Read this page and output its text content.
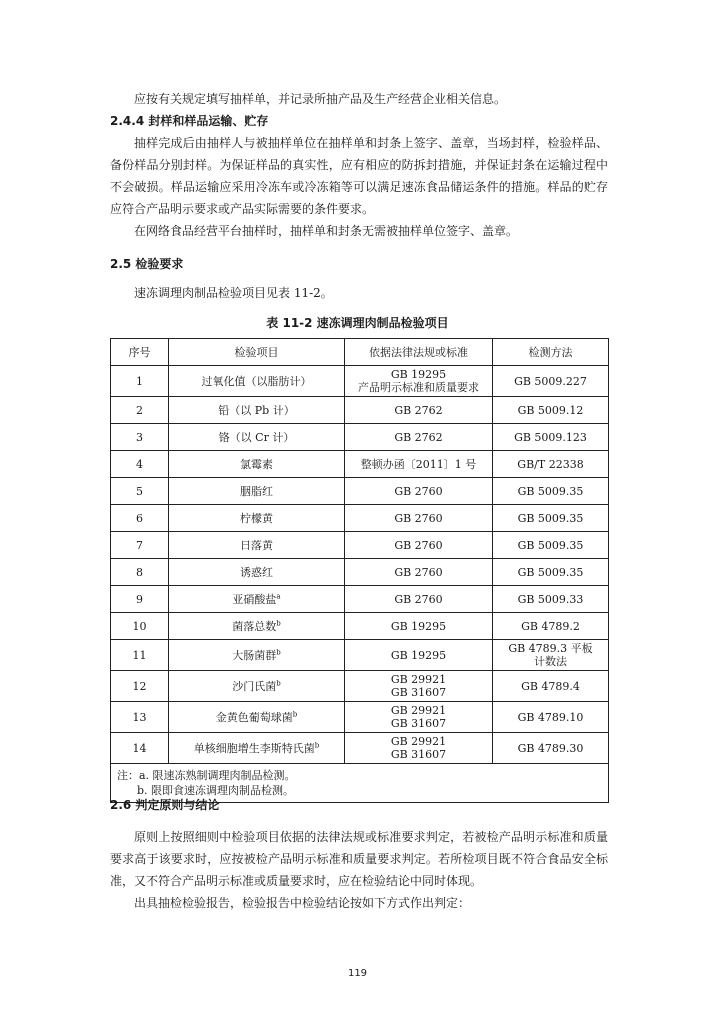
应按有关规定填写抽样单，并记录所抽产品及生产经营企业相关信息。

2.4.4 封样和样品运输、贮存

抽样完成后由抽样人与被抽样单位在抽样单和封条上签字、盖章，当场封样，检验样品、备份样品分别封样。为保证样品的真实性，应有相应的防拆封措施，并保证封条在运输过程中不会破损。样品运输应采用冷冻车或冷冻箱等可以满足速冻食品储运条件的措施。样品的贮存应符合产品明示要求或产品实际需要的条件要求。

在网络食品经营平台抽样时，抽样单和封条无需被抽样单位签字、盖章。

2.5 检验要求

速冻调理肉制品检验项目见表 11-2。

表 11-2 速冻调理肉制品检验项目

序号	检验项目	依据法律法规或标准	检测方法
1	过氧化值（以脂肪计）	GB 19295
产品明示标准和质量要求	GB 5009.227

2	铅（以 Pb 计）	GB 2762	GB 5009.12

3	铬（以 Cr 计）	GB 2762	GB 5009.123

4	氯霉素	整顿办函〔2011〕1 号	GB/T 22338

5	胭脂红	GB 2760	GB 5009.35

6	柠檬黄	GB 2760	GB 5009.35

7	日落黄	GB 2760	GB 5009.35

8	诱惑红	GB 2760	GB 5009.35

9	亚硝酸盐$^a$	GB 2760	GB 5009.33

10	菌落总数$^b$	GB 19295	GB 4789.2

11	大肠菌群$^b$	GB 19295	GB 4789.3 平板
计数法

12	沙门氏菌$^b$	GB 29921
GB 31607	GB 4789.4

13	金黄色葡萄球菌$^b$	GB 29921
GB 31607	GB 4789.10

14	单核细胞增生李斯特氏菌$^b$	GB 29921
GB 31607	GB 4789.30

注：a. 限速冻熟制调理肉制品检测。
b. 限即食速冻调理肉制品检测。			

2.6 判定原则与结论

原则上按照细则中检验项目依据的法律法规或标准要求判定，若被检产品明示标准和质量要求高于该要求时，应按被检产品明示标准和质量要求判定。若所检项目既不符合食品安全标准，又不符合产品明示标准或质量要求时，应在检验结论中同时体现。

出具抽检检验报告，检验报告中检验结论按如下方式作出判定：

119
